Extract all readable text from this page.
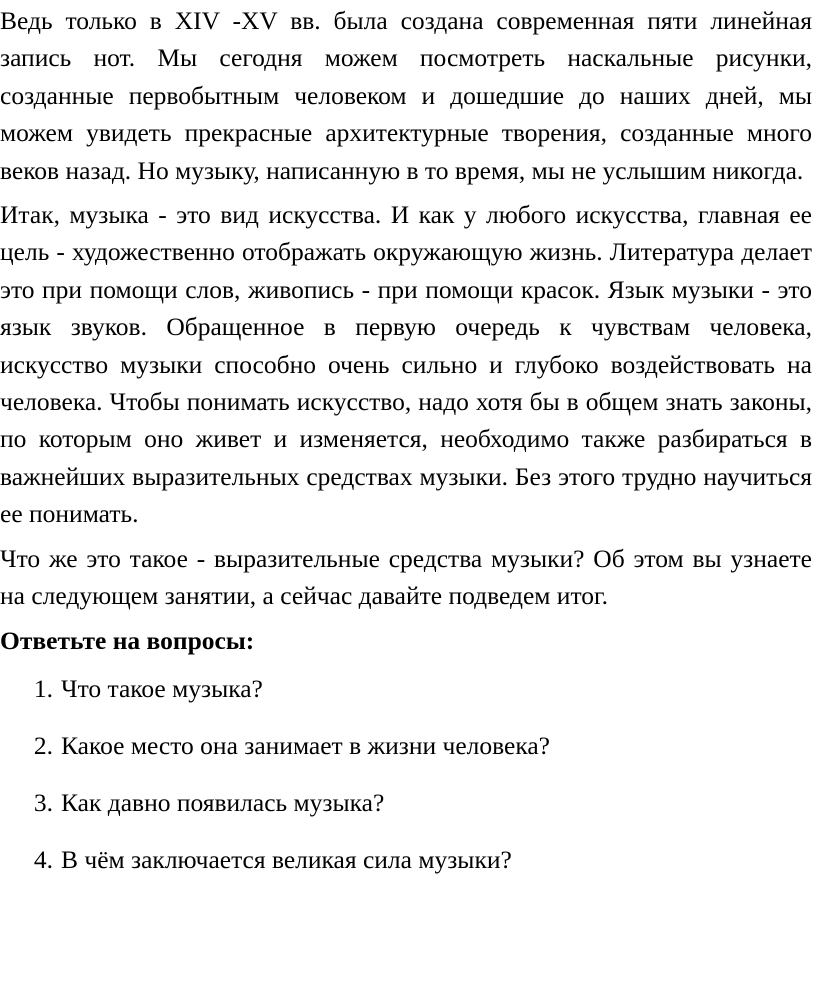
Ведь только в XIV -XV вв. была создана современная пяти линейная запись нот. Мы сегодня можем посмотреть наскальные рисунки, созданные первобытным человеком и дошедшие до наших дней, мы можем увидеть прекрасные архитектурные творения, созданные много веков назад. Но музыку, написанную в то время, мы не услышим никогда.

Итак, музыка - это вид искусства. И как у любого искусства, главная ее цель - художественно отображать окружающую жизнь. Литература делает это при помощи слов, живопись - при помощи красок. Язык музыки - это язык звуков. Обращенное в первую очередь к чувствам человека, искусство музыки способно очень сильно и глубоко воздействовать на человека. Чтобы понимать искусство, надо хотя бы в общем знать законы, по которым оно живет и изменяется, необходимо также разбираться в важнейших выразительных средствах музыки. Без этого трудно научиться ее понимать.

Что же это такое - выразительные средства музыки? Об этом вы узнаете на следующем занятии, а сейчас давайте подведем итог.

Ответьте на вопросы:
1. Что такое музыка?
2. Какое место она занимает в жизни человека?
3. Как давно появилась музыка?
4. В чём заключается великая сила музыки?
